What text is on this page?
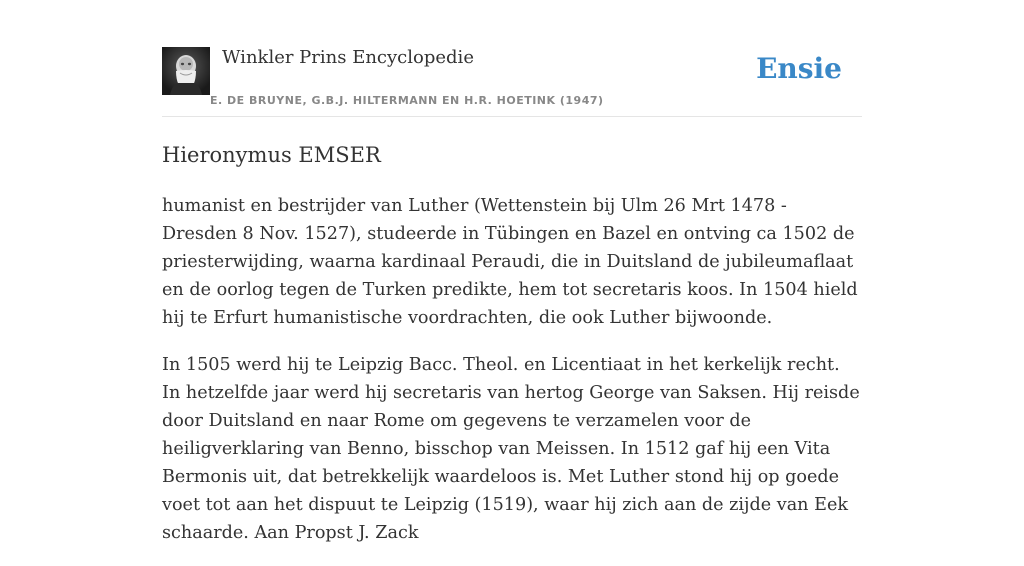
Winkler Prins Encyclopedie
E. DE BRUYNE, G.B.J. HILTERMANN EN H.R. HOETINK (1947)
Ensie
Hieronymus EMSER

humanist en bestrijder van Luther (Wettenstein bij Ulm 26 Mrt 1478 - Dresden 8 Nov. 1527), studeerde in Tübingen en Bazel en ontving ca 1502 de priesterwijding, waarna kardinaal Peraudi, die in Duitsland de jubileumaflaat en de oorlog tegen de Turken predikte, hem tot secretaris koos. In 1504 hield hij te Erfurt humanistische voordrachten, die ook Luther bijwoonde.

In 1505 werd hij te Leipzig Bacc. Theol. en Licentiaat in het kerkelijk recht. In hetzelfde jaar werd hij secretaris van hertog George van Saksen. Hij reisde door Duitsland en naar Rome om gegevens te verzamelen voor de heiligverklaring van Benno, bisschop van Meissen. In 1512 gaf hij een Vita Bermonis uit, dat betrekkelijk waardeloos is. Met Luther stond hij op goede voet tot aan het dispuut te Leipzig (1519), waar hij zich aan de zijde van Eek schaarde. Aan Propst J. Zack
